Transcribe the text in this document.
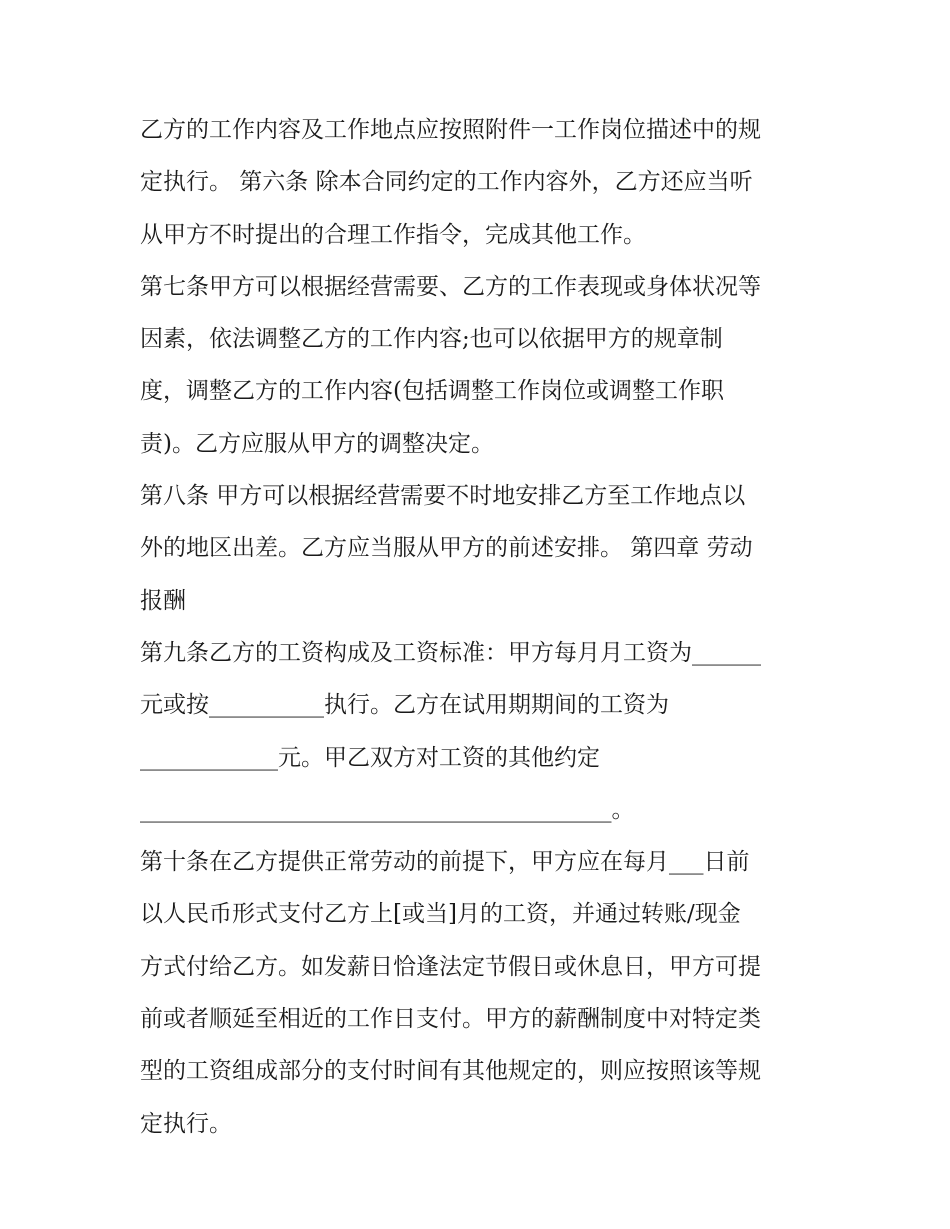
乙方的工作内容及工作地点应按照附件一工作岗位描述中的规
定执行。 第六条 除本合同约定的工作内容外，乙方还应当听
从甲方不时提出的合理工作指令，完成其他工作。
第七条甲方可以根据经营需要、乙方的工作表现或身体状况等
因素，依法调整乙方的工作内容;也可以依据甲方的规章制
度，调整乙方的工作内容(包括调整工作岗位或调整工作职
责)。乙方应服从甲方的调整决定。
第八条 甲方可以根据经营需要不时地安排乙方至工作地点以
外的地区出差。乙方应当服从甲方的前述安排。 第四章 劳动
报酬
第九条乙方的工资构成及工资标准：甲方每月月工资为______
元或按__________执行。乙方在试用期期间的工资为
____________元。甲乙双方对工资的其他约定
_________________________________________。
第十条在乙方提供正常劳动的前提下，甲方应在每月___日前
以人民币形式支付乙方上[或当]月的工资，并通过转账/现金
方式付给乙方。如发薪日恰逢法定节假日或休息日，甲方可提
前或者顺延至相近的工作日支付。甲方的薪酬制度中对特定类
型的工资组成部分的支付时间有其他规定的，则应按照该等规
定执行。
